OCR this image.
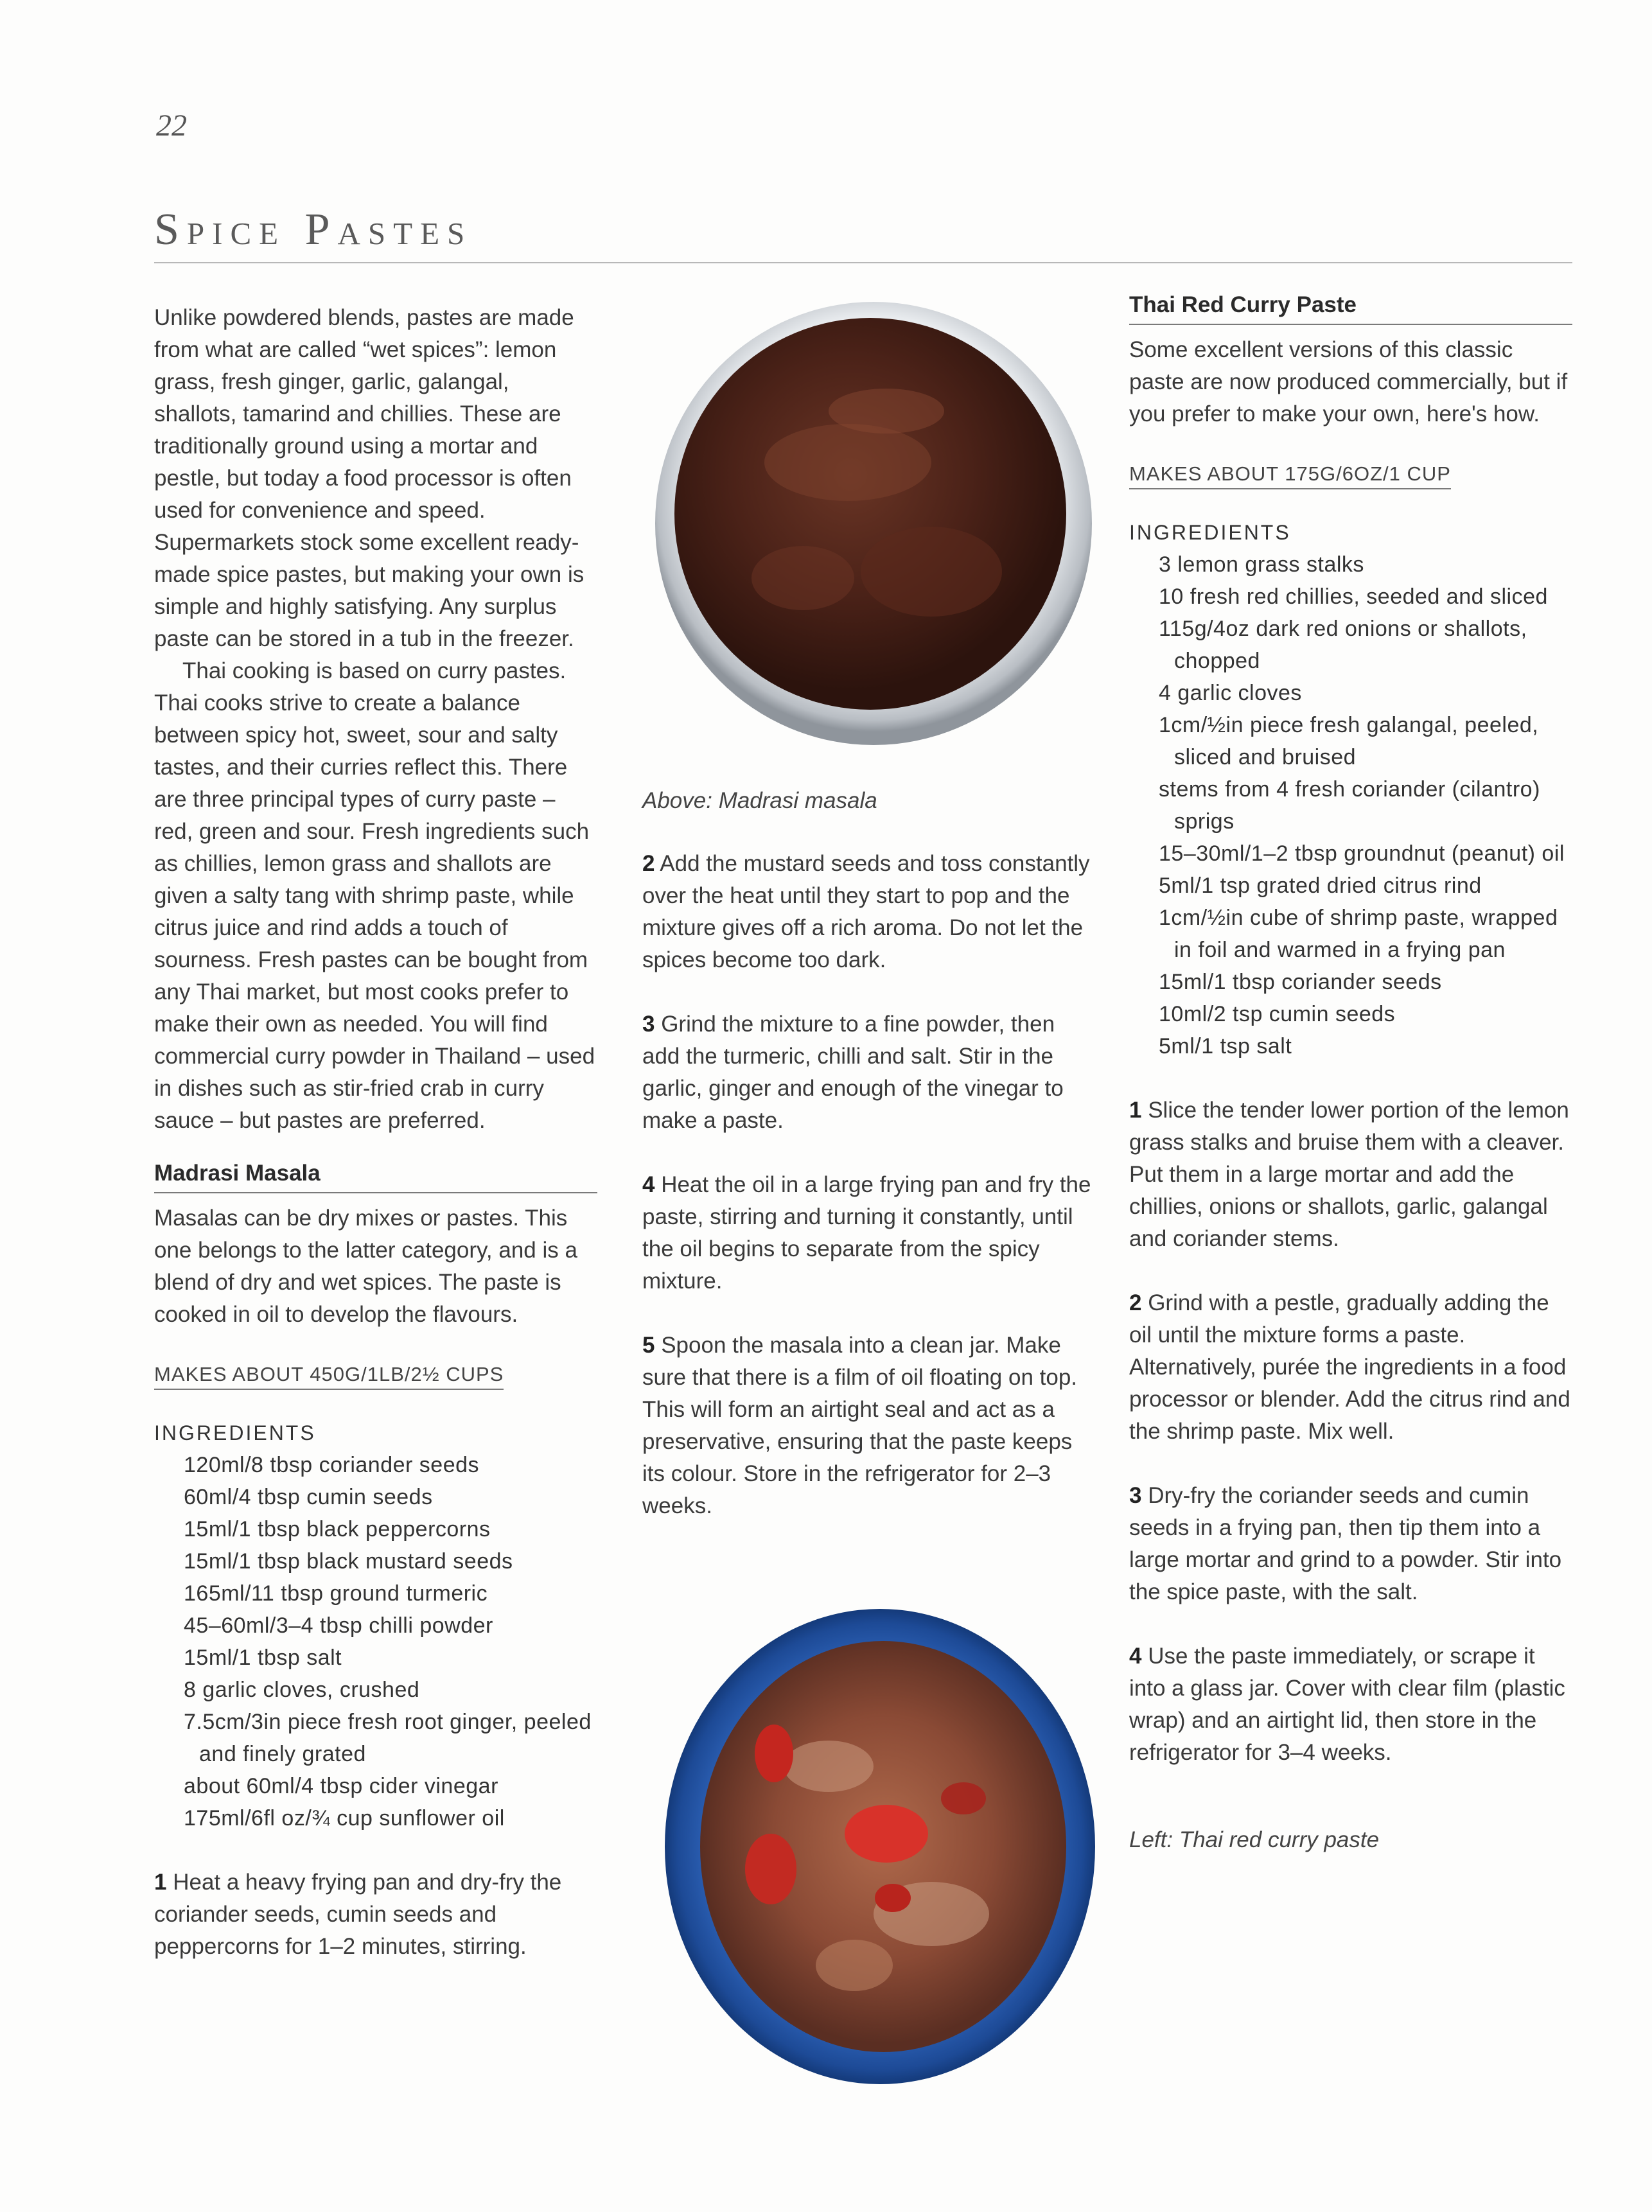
22
Spice Pastes

Unlike powdered blends, pastes are made from what are called “wet spices”: lemon grass, fresh ginger, garlic, galangal, shallots, tamarind and chillies. These are traditionally ground using a mortar and pestle, but today a food processor is often used for convenience and speed. Supermarkets stock some excellent ready-made spice pastes, but making your own is simple and highly satisfying. Any surplus paste can be stored in a tub in the freezer.

Thai cooking is based on curry pastes. Thai cooks strive to create a balance between spicy hot, sweet, sour and salty tastes, and their curries reflect this. There are three principal types of curry paste – red, green and sour. Fresh ingredients such as chillies, lemon grass and shallots are given a salty tang with shrimp paste, while citrus juice and rind adds a touch of sourness. Fresh pastes can be bought from any Thai market, but most cooks prefer to make their own as needed. You will find commercial curry powder in Thailand – used in dishes such as stir-fried crab in curry sauce – but pastes are preferred.

Madrasi Masala

Masalas can be dry mixes or pastes. This one belongs to the latter category, and is a blend of dry and wet spices. The paste is cooked in oil to develop the flavours.

MAKES ABOUT 450G/1LB/2½ CUPS
INGREDIENTS
120ml/8 tbsp coriander seeds
60ml/4 tbsp cumin seeds
15ml/1 tbsp black peppercorns
15ml/1 tbsp black mustard seeds
165ml/11 tbsp ground turmeric
45–60ml/3–4 tbsp chilli powder
15ml/1 tbsp salt
8 garlic cloves, crushed
7.5cm/3in piece fresh root ginger, peeled and finely grated
about 60ml/4 tbsp cider vinegar
175ml/6fl oz/¾ cup sunflower oil

1 Heat a heavy frying pan and dry-fry the coriander seeds, cumin seeds and peppercorns for 1–2 minutes, stirring.

Above: Madrasi masala

2 Add the mustard seeds and toss constantly over the heat until they start to pop and the mixture gives off a rich aroma. Do not let the spices become too dark.

3 Grind the mixture to a fine powder, then add the turmeric, chilli and salt. Stir in the garlic, ginger and enough of the vinegar to make a paste.

4 Heat the oil in a large frying pan and fry the paste, stirring and turning it constantly, until the oil begins to separate from the spicy mixture.

5 Spoon the masala into a clean jar. Make sure that there is a film of oil floating on top. This will form an airtight seal and act as a preservative, ensuring that the paste keeps its colour. Store in the refrigerator for 2–3 weeks.

Thai Red Curry Paste

Some excellent versions of this classic paste are now produced commercially, but if you prefer to make your own, here's how.

MAKES ABOUT 175G/6OZ/1 CUP
INGREDIENTS
3 lemon grass stalks
10 fresh red chillies, seeded and sliced
115g/4oz dark red onions or shallots, chopped
4 garlic cloves
1cm/½in piece fresh galangal, peeled, sliced and bruised
stems from 4 fresh coriander (cilantro) sprigs
15–30ml/1–2 tbsp groundnut (peanut) oil
5ml/1 tsp grated dried citrus rind
1cm/½in cube of shrimp paste, wrapped in foil and warmed in a frying pan
15ml/1 tbsp coriander seeds
10ml/2 tsp cumin seeds
5ml/1 tsp salt

1 Slice the tender lower portion of the lemon grass stalks and bruise them with a cleaver. Put them in a large mortar and add the chillies, onions or shallots, garlic, galangal and coriander stems.

2 Grind with a pestle, gradually adding the oil until the mixture forms a paste. Alternatively, purée the ingredients in a food processor or blender. Add the citrus rind and the shrimp paste. Mix well.

3 Dry-fry the coriander seeds and cumin seeds in a frying pan, then tip them into a large mortar and grind to a powder. Stir into the spice paste, with the salt.

4 Use the paste immediately, or scrape it into a glass jar. Cover with clear film (plastic wrap) and an airtight lid, then store in the refrigerator for 3–4 weeks.

Left: Thai red curry paste
